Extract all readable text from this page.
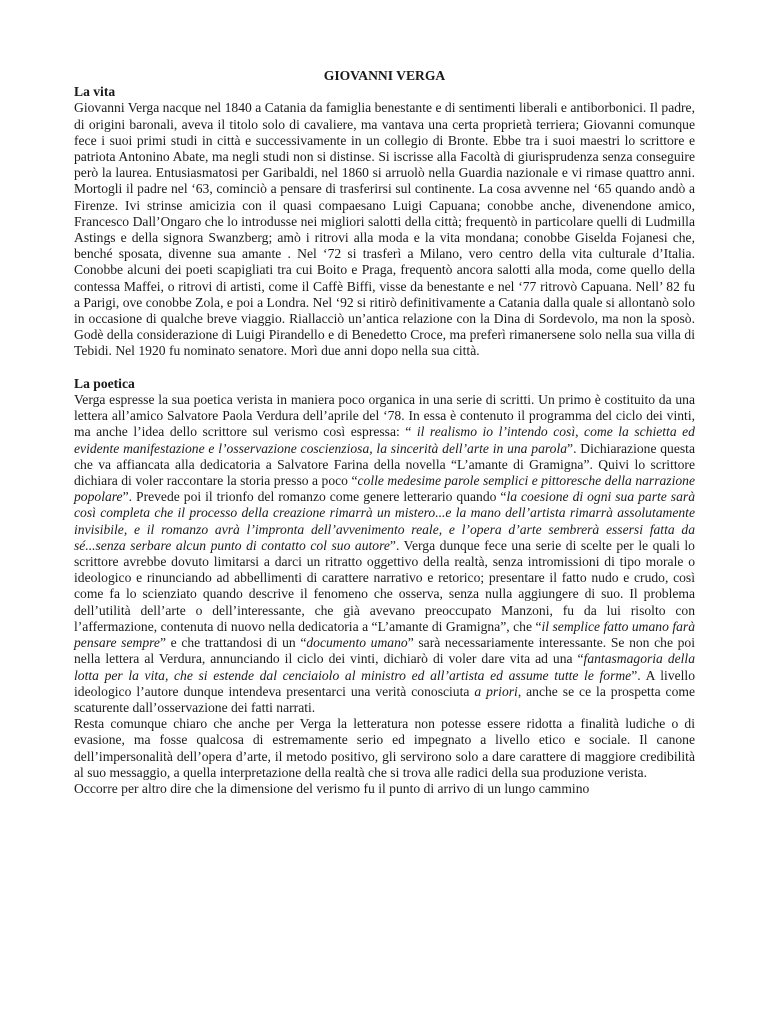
GIOVANNI VERGA
La vita

Giovanni Verga nacque nel 1840 a Catania da famiglia benestante e di sentimenti liberali e antiborbonici. Il padre, di origini baronali, aveva il titolo solo di cavaliere, ma vantava una certa proprietà terriera; Giovanni comunque fece i suoi primi studi in città e successivamente in un collegio di Bronte. Ebbe tra i suoi maestri lo scrittore e patriota Antonino Abate, ma negli studi non si distinse. Si iscrisse alla Facoltà di giurisprudenza senza conseguire però la laurea. Entusiasmatosi per Garibaldi, nel 1860 si arruolò nella Guardia nazionale e vi rimase quattro anni. Mortogli il padre nel ‘63, cominciò a pensare di trasferirsi sul continente. La cosa avvenne nel ‘65 quando andò a Firenze. Ivi strinse amicizia con il quasi compaesano Luigi Capuana; conobbe anche, divenendone amico, Francesco Dall’Ongaro che lo introdusse nei migliori salotti della città; frequentò in particolare quelli di Ludmilla Astings e della signora Swanzberg; amò i ritrovi alla moda e la vita mondana; conobbe Giselda Fojanesi che, benché sposata, divenne sua amante . Nel ‘72 si trasferì a Milano, vero centro della vita culturale d’Italia. Conobbe alcuni dei poeti scapigliati tra cui Boito e Praga, frequentò ancora salotti alla moda, come quello della contessa Maffei, o ritrovi di artisti, come il Caffè Biffi, visse da benestante e nel ‘77 ritrovò Capuana. Nell’ 82 fu a Parigi, ove conobbe Zola, e poi a Londra. Nel ‘92 si ritirò definitivamente a Catania dalla quale si allontanò solo in occasione di qualche breve viaggio. Riallacciò un’antica relazione con la Dina di Sordevolo, ma non la sposò. Godè della considerazione di Luigi Pirandello e di Benedetto Croce, ma preferì rimanersene solo nella sua villa di Tebidi. Nel 1920 fu nominato senatore. Morì due anni dopo nella sua città.

La poetica

Verga espresse la sua poetica verista in maniera poco organica in una serie di scritti. Un primo è costituito da una lettera all’amico Salvatore Paola Verdura dell’aprile del ‘78. In essa è contenuto il programma del ciclo dei vinti, ma anche l’idea dello scrittore sul verismo così espressa: “ il realismo io l’intendo così, come la schietta ed evidente manifestazione e l’osservazione coscienziosa, la sincerità dell’arte in una parola”. Dichiarazione questa che va affiancata alla dedicatoria a Salvatore Farina della novella “L’amante di Gramigna”. Quivi lo scrittore dichiara di voler raccontare la storia presso a poco “colle medesime parole semplici e pittoresche della narrazione popolare”. Prevede poi il trionfo del romanzo come genere letterario quando “la coesione di ogni sua parte sarà così completa che il processo della creazione rimarrà un mistero...e la mano dell’artista rimarrà assolutamente invisibile, e il romanzo avrà l’impronta dell’avvenimento reale, e l’opera d’arte sembrerà essersi fatta da sé...senza serbare alcun punto di contatto col suo autore”. Verga dunque fece una serie di scelte per le quali lo scrittore avrebbe dovuto limitarsi a darci un ritratto oggettivo della realtà, senza intromissioni di tipo morale o ideologico e rinunciando ad abbellimenti di carattere narrativo e retorico; presentare il fatto nudo e crudo, così come fa lo scienziato quando descrive il fenomeno che osserva, senza nulla aggiungere di suo. Il problema dell’utilità dell’arte o dell’interessante, che già avevano preoccupato Manzoni, fu da lui risolto con l’affermazione, contenuta di nuovo nella dedicatoria a “L’amante di Gramigna”, che “il semplice fatto umano farà pensare sempre” e che trattandosi di un “documento umano” sarà necessariamente interessante. Se non che poi nella lettera al Verdura, annunciando il ciclo dei vinti, dichiarò di voler dare vita ad una “fantasmagoria della lotta per la vita, che si estende dal cenciaiolo al ministro ed all’artista ed assume tutte le forme”. A livello ideologico l’autore dunque intendeva presentarci una verità conosciuta a priori, anche se ce la prospetta come scaturente dall’osservazione dei fatti narrati.

Resta comunque chiaro che anche per Verga la letteratura non potesse essere ridotta a finalità ludiche o di evasione, ma fosse qualcosa di estremamente serio ed impegnato a livello etico e sociale. Il canone dell’impersonalità dell’opera d’arte, il metodo positivo, gli servirono solo a dare carattere di maggiore credibilità al suo messaggio, a quella interpretazione della realtà che si trova alle radici della sua produzione verista.

Occorre per altro dire che la dimensione del verismo fu il punto di arrivo di un lungo cammino
